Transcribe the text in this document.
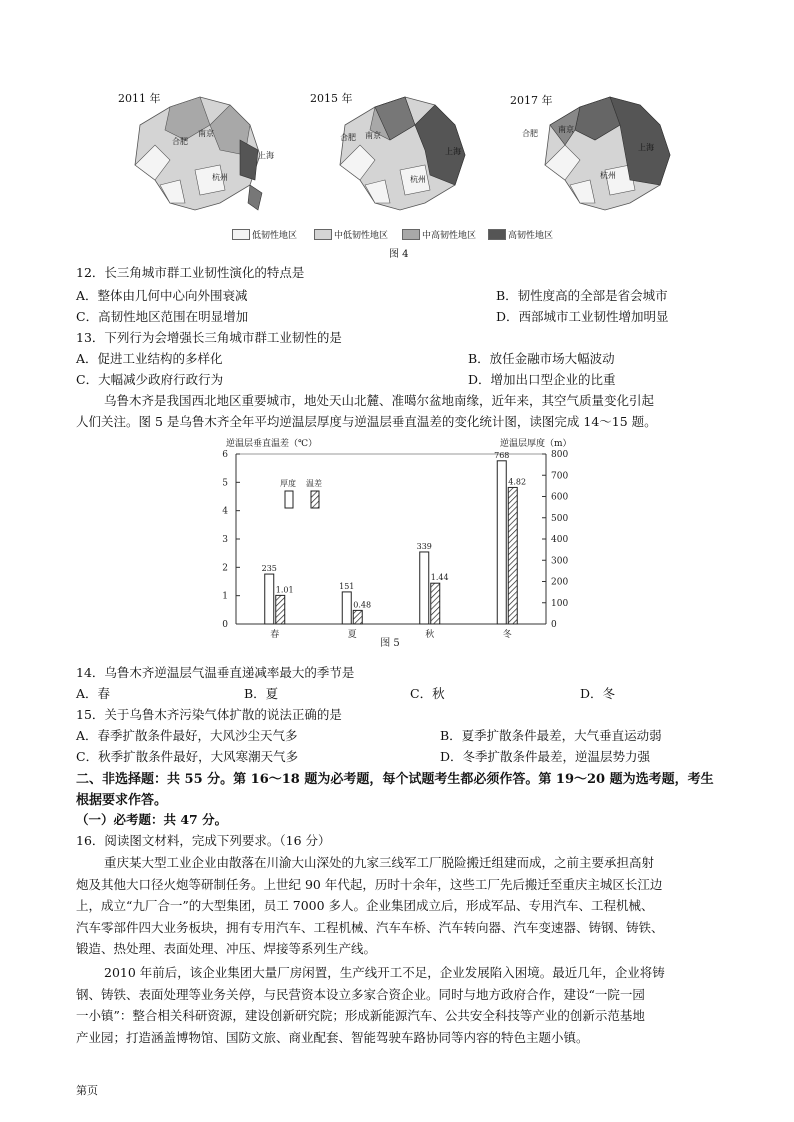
2011 年	2015 年	2017 年
合肥
南京
上海
杭州
合肥 南京
上海
杭州
合肥	南京
上海
杭州
低韧性地区	中低韧性地区	中高韧性地区	高韧性地区
图 4
12．长三角城市群工业韧性演化的特点是
A．整体由几何中心向外围衰减	B．韧性度高的全部是省会城市
C．高韧性地区范围在明显增加	D．西部城市工业韧性增加明显
13．下列行为会增强长三角城市群工业韧性的是
A．促进工业结构的多样化	B．放任金融市场大幅波动
C．大幅减少政府行政行为	D．增加出口型企业的比重
乌鲁木齐是我国西北地区重要城市，地处天山北麓、准噶尔盆地南缘，近年来，其空气质量变化引起
人们关注。图 5 是乌鲁木齐全年平均逆温层厚度与逆温层垂直温差的变化统计图，读图完成 14～15 题。
0
1
2
3
4
5
6
0
100
200
300
400
500
600
700
800
235
1.01
春
151
0.48
夏
339
1.44
秋
768
4.82
冬
厚度 温差
图 5
逆温层垂直温差（℃）	逆温层厚度（m）
14．乌鲁木齐逆温层气温垂直递减率最大的季节是
A．春	B．夏	C．秋	D．冬
15．关于乌鲁木齐污染气体扩散的说法正确的是
A．春季扩散条件最好，大风沙尘天气多	B．夏季扩散条件最差，大气垂直运动弱
C．秋季扩散条件最好，大风寒潮天气多	D．冬季扩散条件最差，逆温层势力强
二、非选择题：共 55 分。第 16～18 题为必考题，每个试题考生都必须作答。第 19～20 题为选考题，考生
根据要求作答。
（一）必考题：共 47 分。
16．阅读图文材料，完成下列要求。（16 分）
重庆某大型工业企业由散落在川渝大山深处的九家三线军工厂脱险搬迁组建而成，之前主要承担高射
炮及其他大口径火炮等研制任务。上世纪 90 年代起，历时十余年，这些工厂先后搬迁至重庆主城区长江边
上，成立“九厂合一”的大型集团，员工 7000 多人。企业集团成立后，形成军品、专用汽车、工程机械、
汽车零部件四大业务板块，拥有专用汽车、工程机械、汽车车桥、汽车转向器、汽车变速器、铸钢、铸铁、
锻造、热处理、表面处理、冲压、焊接等系列生产线。
2010 年前后，该企业集团大量厂房闲置，生产线开工不足，企业发展陷入困境。最近几年，企业将铸
钢、铸铁、表面处理等业务关停，与民营资本设立多家合资企业。同时与地方政府合作，建设“一院一园
一小镇”：整合相关科研资源，建设创新研究院；形成新能源汽车、公共安全科技等产业的创新示范基地
产业园；打造涵盖博物馆、国防文旅、商业配套、智能驾驶车路协同等内容的特色主题小镇。
第页
